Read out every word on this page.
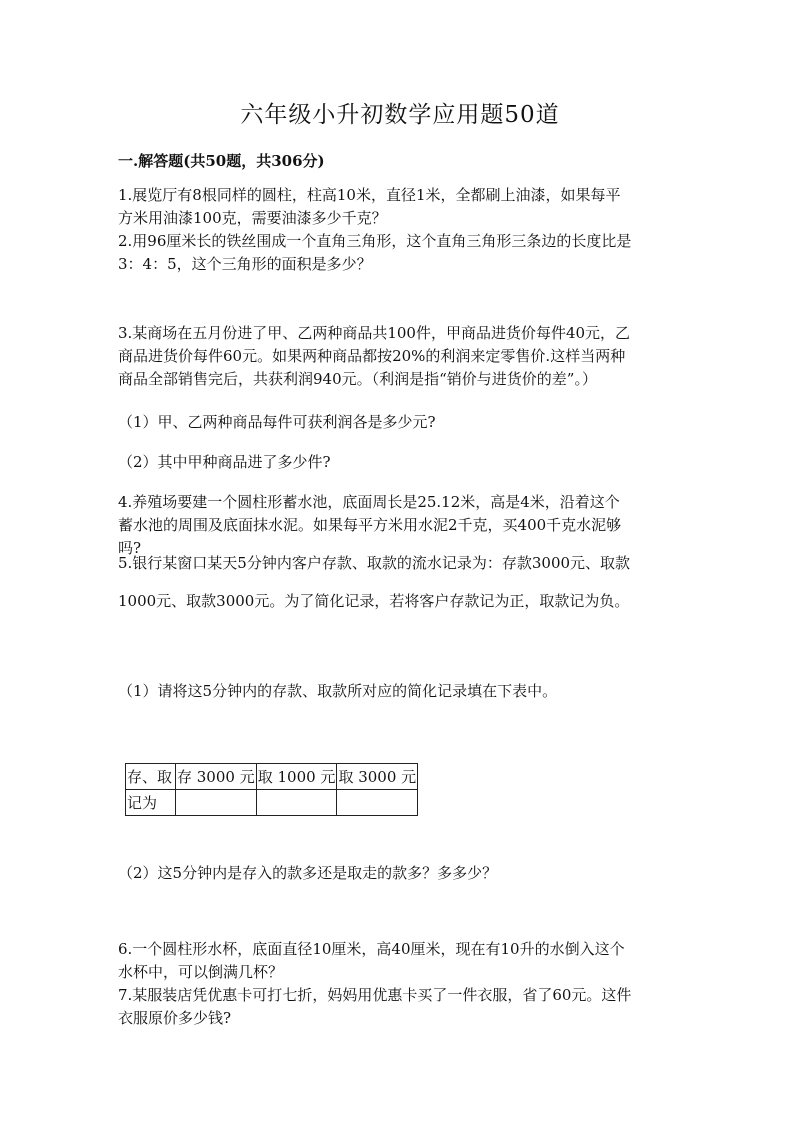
六年级小升初数学应用题50道
一.解答题(共50题，共306分)

1.展览厅有8根同样的圆柱，柱高10米，直径1米，全都刷上油漆，如果每平
方米用油漆100克，需要油漆多少千克？

2.用96厘米长的铁丝围成一个直角三角形，这个直角三角形三条边的长度比是
3：4：5，这个三角形的面积是多少？

3.某商场在五月份进了甲、乙两种商品共100件，甲商品进货价每件40元，乙
商品进货价每件60元。如果两种商品都按20%的利润来定零售价.这样当两种
商品全部销售完后，共获利润940元。（利润是指“销价与进货价的差”。）

（1）甲、乙两种商品每件可获利润各是多少元?

（2）其中甲种商品进了多少件?

4.养殖场要建一个圆柱形蓄水池，底面周长是25.12米，高是4米，沿着这个
蓄水池的周围及底面抹水泥。如果每平方米用水泥2千克，买400千克水泥够
吗?

5.银行某窗口某天5分钟内客户存款、取款的流水记录为：存款3000元、取款

1000元、取款3000元。为了简化记录，若将客户存款记为正，取款记为负。

（1）请将这5分钟内的存款、取款所对应的简化记录填在下表中。

存、取	存 3000 元	取 1000 元	取 3000 元
记为			

（2）这5分钟内是存入的款多还是取走的款多？多多少？

6.一个圆柱形水杯，底面直径10厘米，高40厘米，现在有10升的水倒入这个
水杯中，可以倒满几杯？

7.某服装店凭优惠卡可打七折，妈妈用优惠卡买了一件衣服，省了60元。这件
衣服原价多少钱?
